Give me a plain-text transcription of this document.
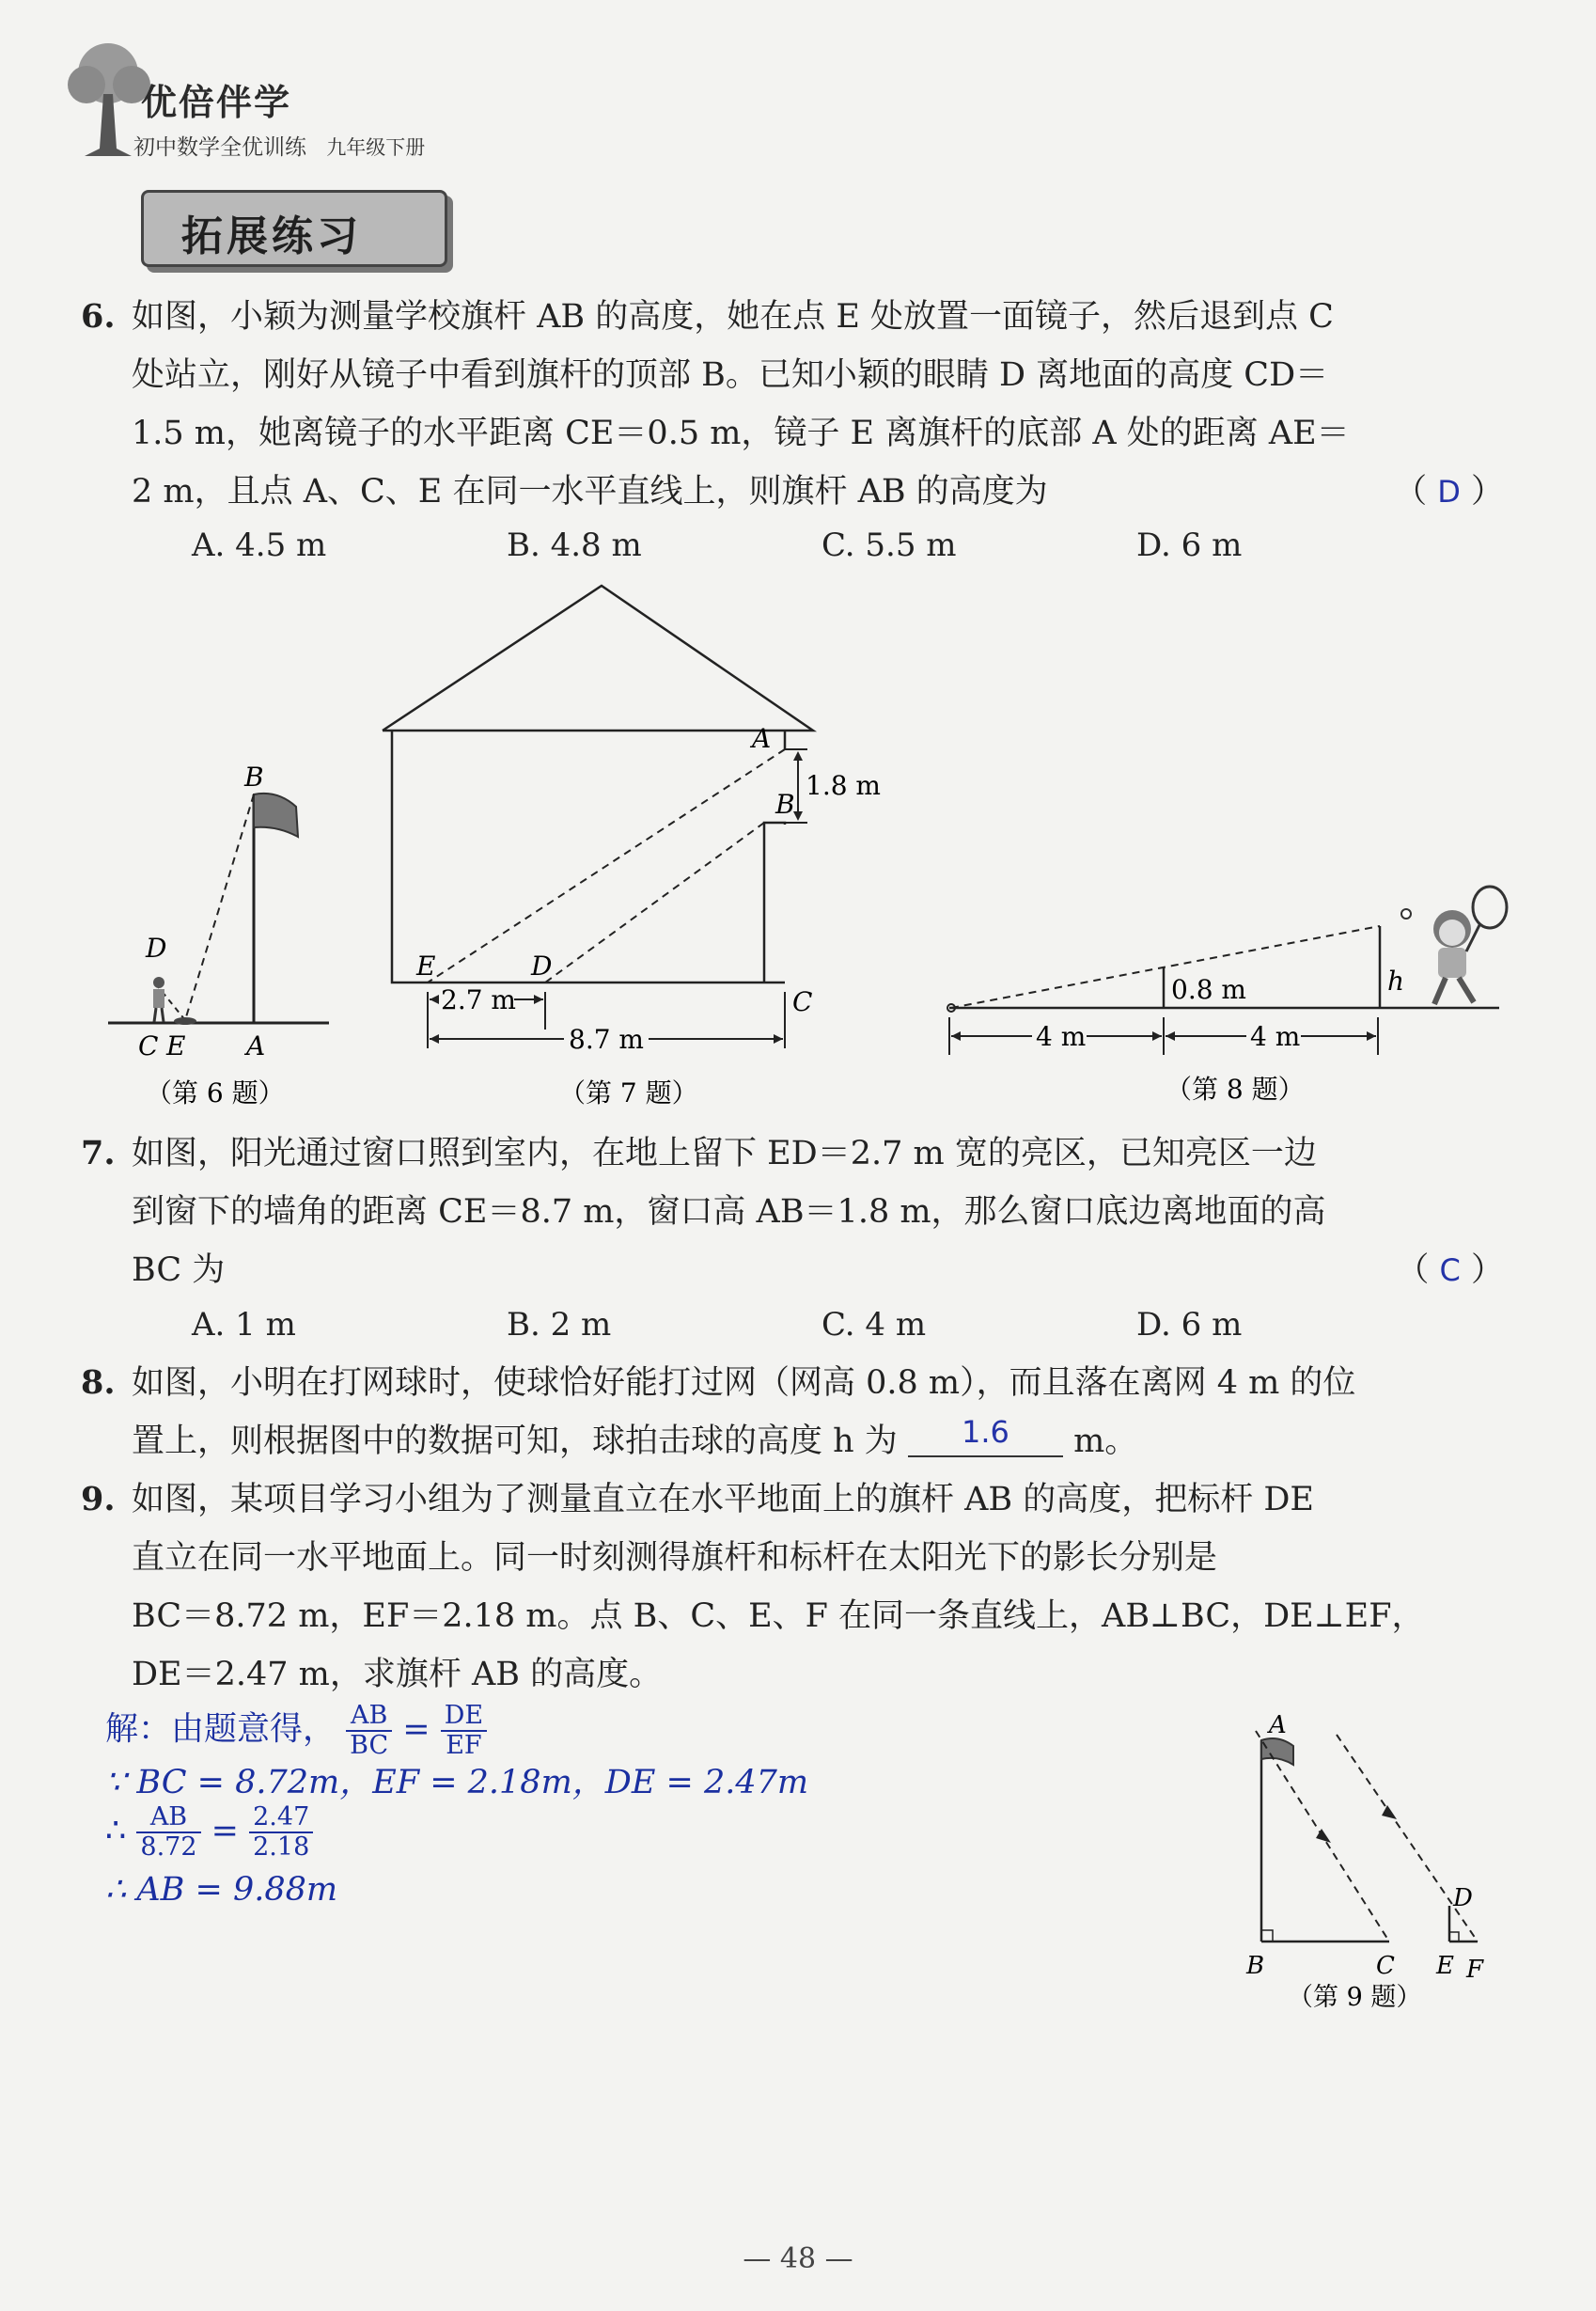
优倍伴学
初中数学全优训练 九年级下册
拓展练习
6. 如图，小颖为测量学校旗杆 AB 的高度，她在点 E 处放置一面镜子，然后退到点 C
处站立，刚好从镜子中看到旗杆的顶部 B。已知小颖的眼睛 D 离地面的高度 CD＝
1.5 m，她离镜子的水平距离 CE＝0.5 m，镜子 E 离旗杆的底部 A 处的距离 AE＝
2 m，且点 A、C、E 在同一水平直线上，则旗杆 AB 的高度为	（ D ）
A. 4.5 m	B. 4.8 m	C. 5.5 m	D. 6 m
B
D
C E A
（第 6 题）
1.8 m
A
B
E	D
C
2.7 m
8.7 m
（第 7 题）
0.8 m	h
4 m	4 m
（第 8 题）
7. 如图，阳光通过窗口照到室内，在地上留下 ED＝2.7 m 宽的亮区，已知亮区一边
到窗下的墙角的距离 CE＝8.7 m，窗口高 AB＝1.8 m，那么窗口底边离地面的高
BC 为	（ C ）
A. 1 m	B. 2 m	C. 4 m	D. 6 m
8. 如图，小明在打网球时，使球恰好能打过网（网高 0.8 m），而且落在离网 4 m 的位
置上，则根据图中的数据可知，球拍击球的高度 h 为 1.6 m。
9. 如图，某项目学习小组为了测量直立在水平地面上的旗杆 AB 的高度，把标杆 DE
直立在同一水平地面上。同一时刻测得旗杆和标杆在太阳光下的影长分别是
BC＝8.72 m，EF＝2.18 m。点 B、C、E、F 在同一条直线上，AB⊥BC，DE⊥EF，
DE＝2.47 m，求旗杆 AB 的高度。
解：由题意得， $\frac{AB}{BC} = \frac{DE}{EF}$
∵ BC = 8.72m，EF = 2.18m，DE = 2.47m
∴ $\frac{AB}{8.72} = \frac{2.47}{2.18}$
∴ AB = 9.88m
A
B	C
D
E F
（第 9 题）
— 48 —
